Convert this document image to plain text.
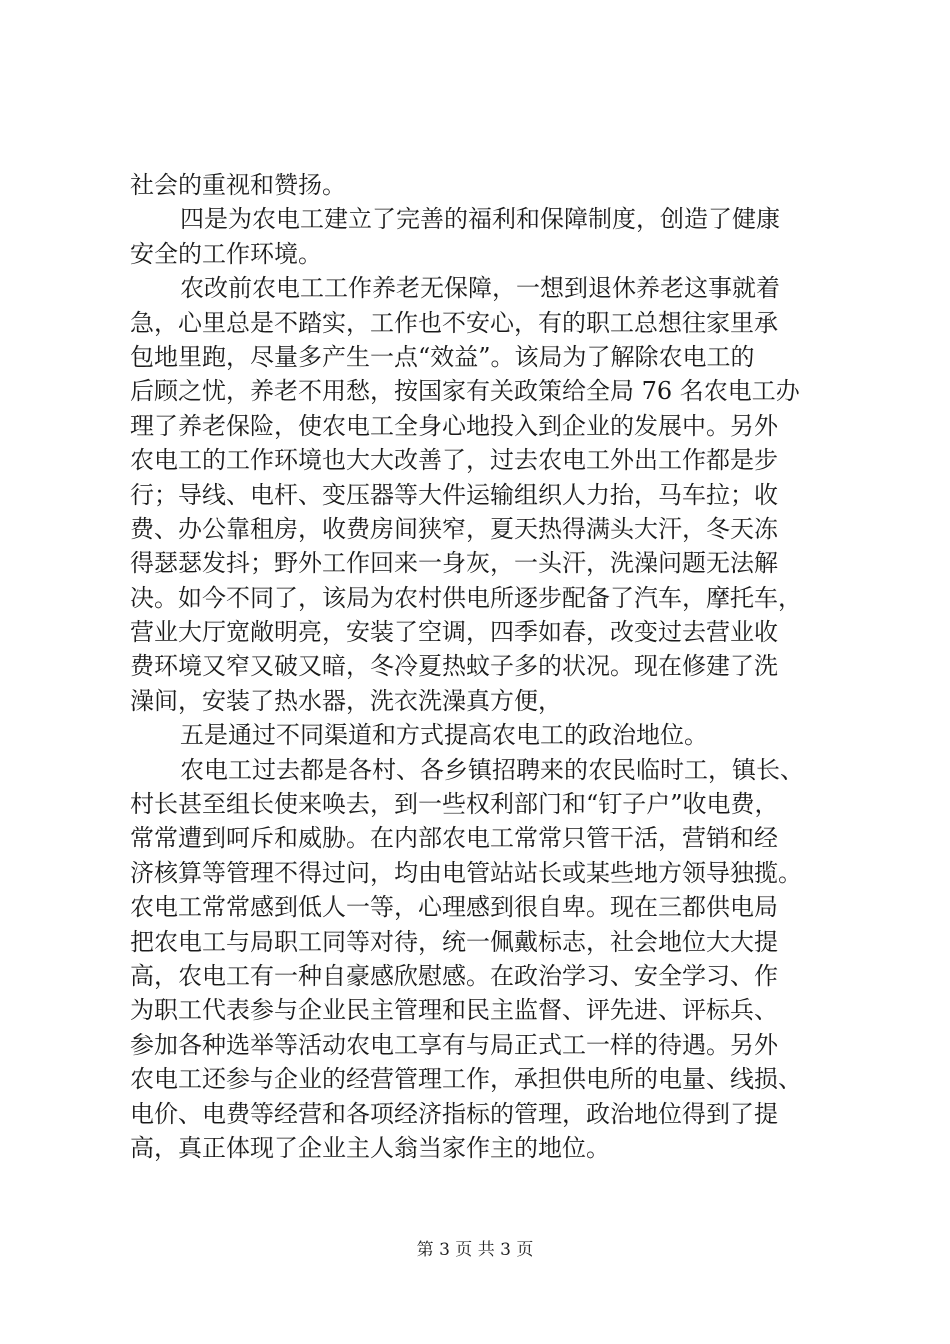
社会的重视和赞扬。
四是为农电工建立了完善的福利和保障制度，创造了健康
安全的工作环境。
农改前农电工工作养老无保障，一想到退休养老这事就着
急，心里总是不踏实，工作也不安心，有的职工总想往家里承
包地里跑，尽量多产生一点“效益”。该局为了解除农电工的
后顾之忧，养老不用愁，按国家有关政策给全局 76 名农电工办
理了养老保险，使农电工全身心地投入到企业的发展中。另外
农电工的工作环境也大大改善了，过去农电工外出工作都是步
行；导线、电杆、变压器等大件运输组织人力抬，马车拉；收
费、办公靠租房，收费房间狭窄，夏天热得满头大汗，冬天冻
得瑟瑟发抖；野外工作回来一身灰，一头汗，洗澡问题无法解
决。如今不同了，该局为农村供电所逐步配备了汽车，摩托车，
营业大厅宽敞明亮，安装了空调，四季如春，改变过去营业收
费环境又窄又破又暗，冬冷夏热蚊子多的状况。现在修建了洗
澡间，安装了热水器，洗衣洗澡真方便，
五是通过不同渠道和方式提高农电工的政治地位。
农电工过去都是各村、各乡镇招聘来的农民临时工，镇长、
村长甚至组长使来唤去，到一些权利部门和“钉子户”收电费，
常常遭到呵斥和威胁。在内部农电工常常只管干活，营销和经
济核算等管理不得过问，均由电管站站长或某些地方领导独揽。
农电工常常感到低人一等，心理感到很自卑。现在三都供电局
把农电工与局职工同等对待，统一佩戴标志，社会地位大大提
高，农电工有一种自豪感欣慰感。在政治学习、安全学习、作
为职工代表参与企业民主管理和民主监督、评先进、评标兵、
参加各种选举等活动农电工享有与局正式工一样的待遇。另外
农电工还参与企业的经营管理工作，承担供电所的电量、线损、
电价、电费等经营和各项经济指标的管理，政治地位得到了提
高，真正体现了企业主人翁当家作主的地位。
第 3 页 共 3 页
